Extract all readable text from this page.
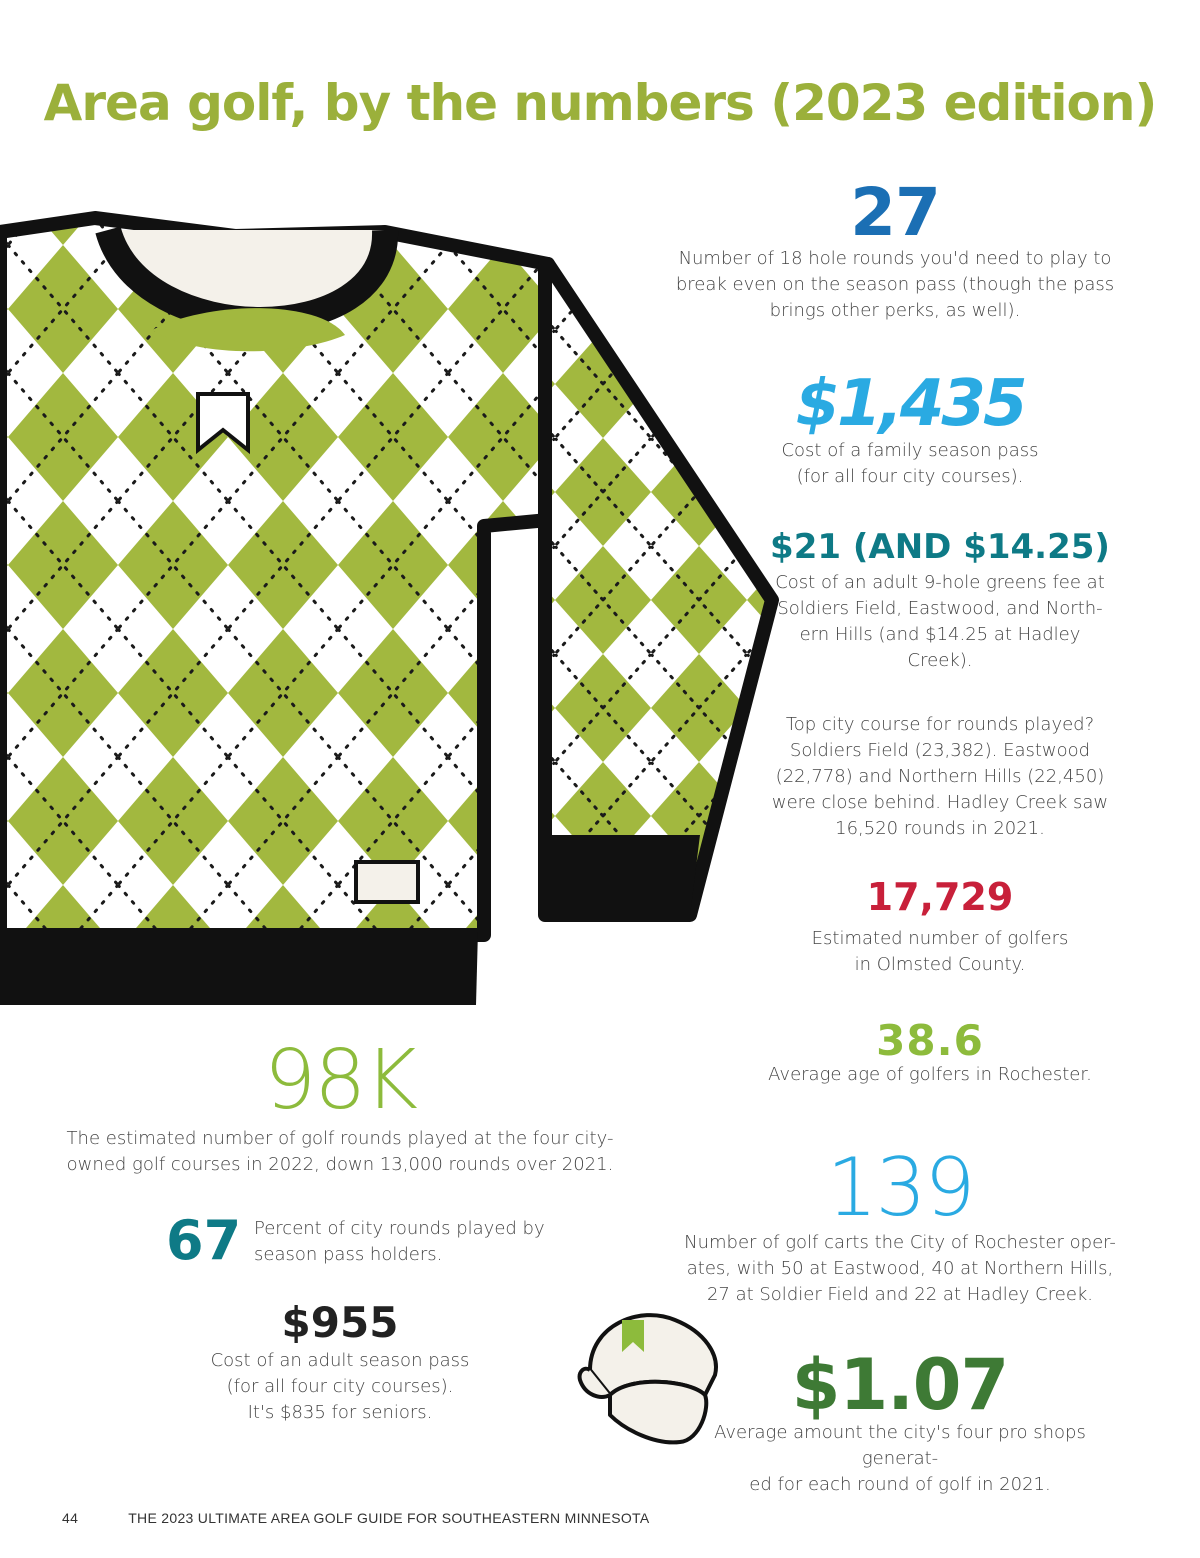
Area golf, by the numbers (2023 edition)
27
Number of 18 hole rounds you'd need to play to
break even on the season pass (though the pass
brings other perks, as well).
$1,435
Cost of a family season pass
(for all four city courses).
$21 (AND $14.25)
Cost of an adult 9-hole greens fee at
Soldiers Field, Eastwood, and North-
ern Hills (and $14.25 at Hadley
Creek).
Top city course for rounds played?
Soldiers Field (23,382). Eastwood
(22,778) and Northern Hills (22,450)
were close behind. Hadley Creek saw
16,520 rounds in 2021.
17,729
Estimated number of golfers
in Olmsted County.
38.6
Average age of golfers in Rochester.
98K
The estimated number of golf rounds played at the four city-
owned golf courses in 2022, down 13,000 rounds over 2021.	139
Number of golf carts the City of Rochester oper-
ates, with 50 at Eastwood, 40 at Northern Hills,
27 at Soldier Field and 22 at Hadley Creek.
67 Percent of city rounds played by
season pass holders.
$955
Cost of an adult season pass
(for all four city courses).
It's $835 for seniors.	$1.07
Average amount the city's four pro shops generat-
ed for each round of golf in 2021.
44	THE 2023 ULTIMATE AREA GOLF GUIDE FOR SOUTHEASTERN MINNESOTA
